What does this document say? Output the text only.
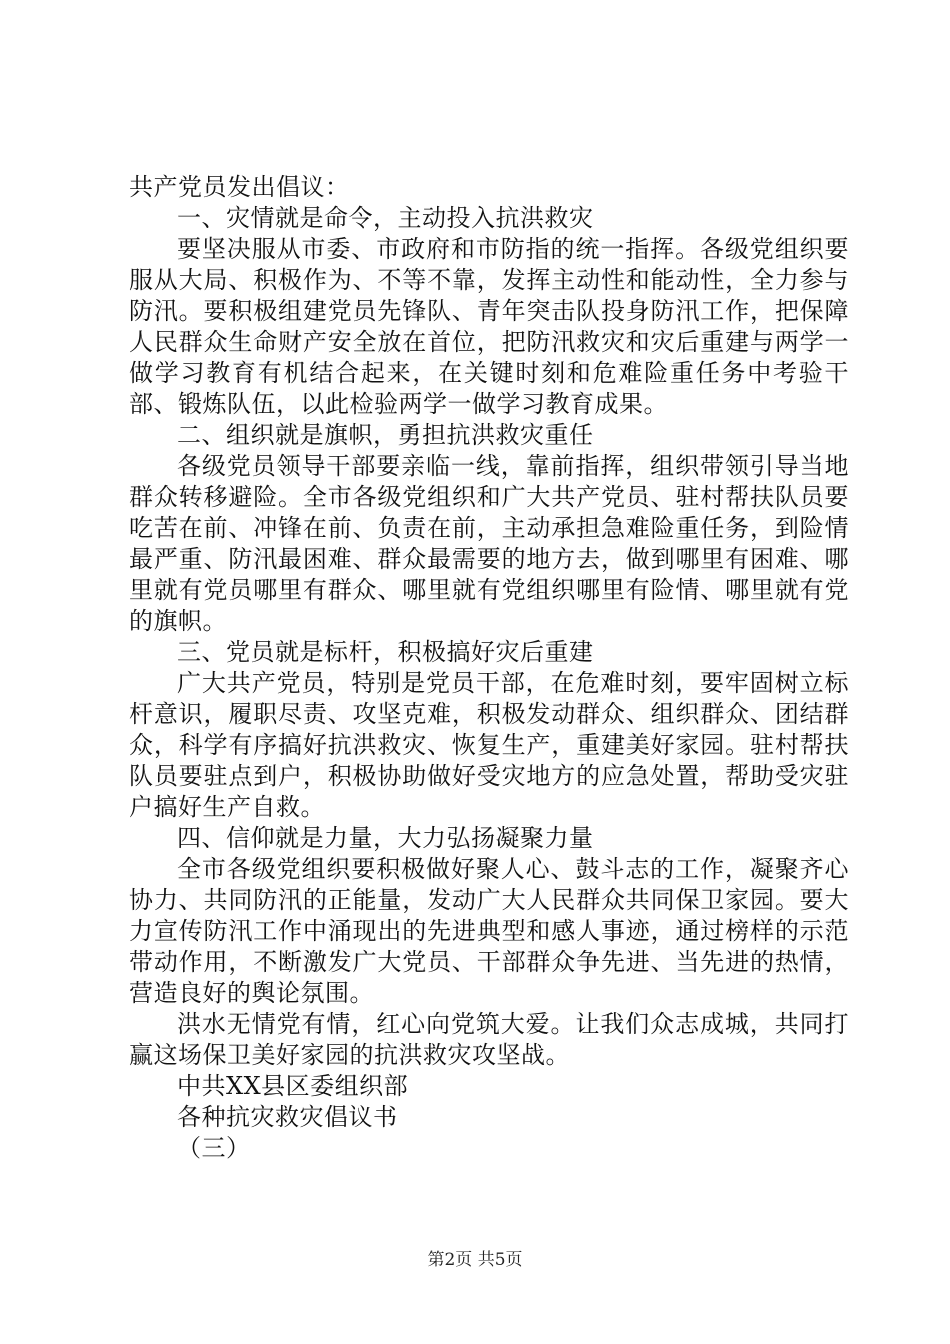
共产党员发出倡议：

一、灾情就是命令，主动投入抗洪救灾

要坚决服从市委、市政府和市防指的统一指挥。各级党组织要服从大局、积极作为、不等不靠，发挥主动性和能动性，全力参与防汛。要积极组建党员先锋队、青年突击队投身防汛工作，把保障人民群众生命财产安全放在首位，把防汛救灾和灾后重建与两学一做学习教育有机结合起来，在关键时刻和危难险重任务中考验干部、锻炼队伍，以此检验两学一做学习教育成果。

二、组织就是旗帜，勇担抗洪救灾重任

各级党员领导干部要亲临一线，靠前指挥，组织带领引导当地群众转移避险。全市各级党组织和广大共产党员、驻村帮扶队员要吃苦在前、冲锋在前、负责在前，主动承担急难险重任务，到险情最严重、防汛最困难、群众最需要的地方去，做到哪里有困难、哪里就有党员哪里有群众、哪里就有党组织哪里有险情、哪里就有党的旗帜。

三、党员就是标杆，积极搞好灾后重建

广大共产党员，特别是党员干部，在危难时刻，要牢固树立标杆意识，履职尽责、攻坚克难，积极发动群众、组织群众、团结群众，科学有序搞好抗洪救灾、恢复生产，重建美好家园。驻村帮扶队员要驻点到户，积极协助做好受灾地方的应急处置，帮助受灾驻户搞好生产自救。

四、信仰就是力量，大力弘扬凝聚力量

全市各级党组织要积极做好聚人心、鼓斗志的工作，凝聚齐心协力、共同防汛的正能量，发动广大人民群众共同保卫家园。要大力宣传防汛工作中涌现出的先进典型和感人事迹，通过榜样的示范带动作用，不断激发广大党员、干部群众争先进、当先进的热情，营造良好的舆论氛围。

洪水无情党有情，红心向党筑大爱。让我们众志成城，共同打赢这场保卫美好家园的抗洪救灾攻坚战。

中共XX县区委组织部

各种抗灾救灾倡议书

（三）

第2页 共5页
